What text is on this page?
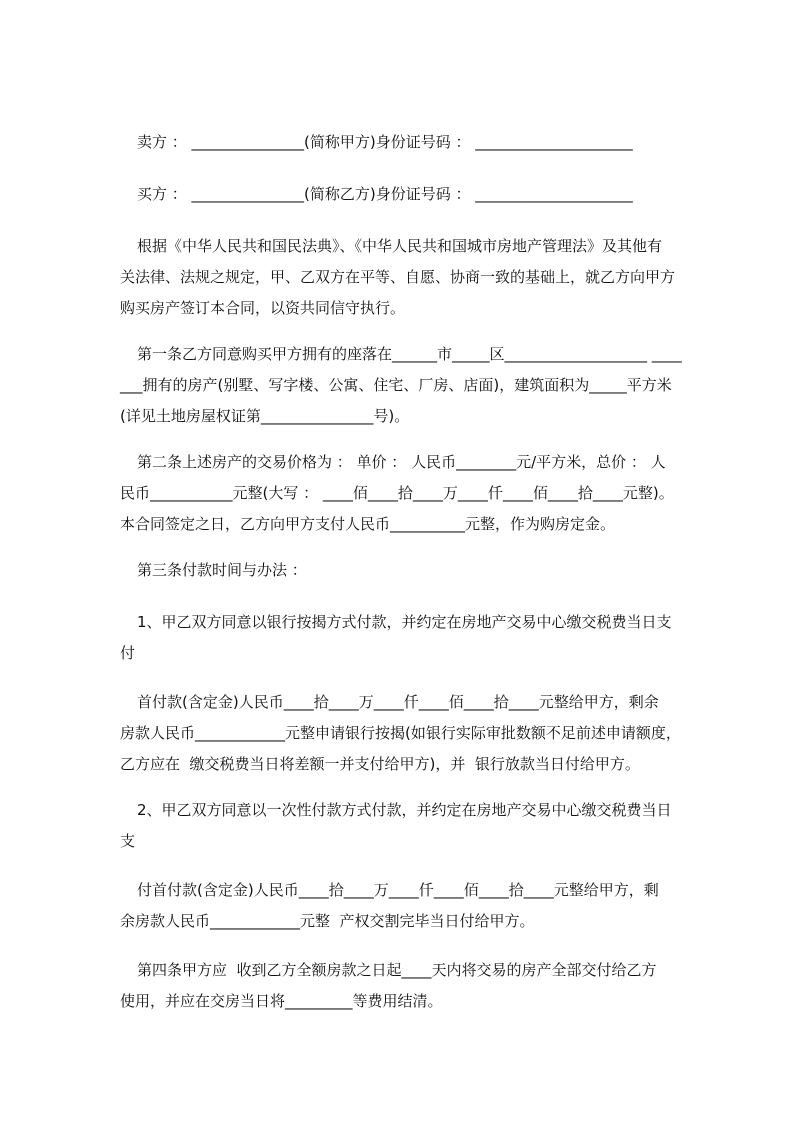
卖方 ： _______________(简称甲方)身份证号码 ： _____________________
买方 ： _______________(简称乙方)身份证号码 ： _____________________
根据《中华人民共和国民法典》、《中华人民共和国城市房地产管理法》及其他有
关法律、法规之规定，甲、乙双方在平等、自愿、协商一致的基础上，就乙方向甲方
购买房产签订本合同，以资共同信守执行。
第一条乙方同意购买甲方拥有的座落在______市_____区___________________ ____
___拥有的房产(别墅、写字楼、公寓、住宅、厂房、店面)，建筑面积为_____平方米
(详见土地房屋权证第_______________号)。
第二条上述房产的交易价格为 ： 单价 ： 人民币________元/平方米，总价 ： 人
民币___________元整(大写 ： ____佰____拾____万____仟____佰____拾____元整)。
本合同签定之日，乙方向甲方支付人民币__________元整，作为购房定金。
第三条付款时间与办法 ：
1、甲乙双方同意以银行按揭方式付款，并约定在房地产交易中心缴交税费当日支
付
首付款(含定金)人民币____拾____万____仟____佰____拾____元整给甲方，剩余
房款人民币____________元整申请银行按揭(如银行实际审批数额不足前述申请额度，
乙方应在  缴交税费当日将差额一并支付给甲方)，并  银行放款当日付给甲方。
2、甲乙双方同意以一次性付款方式付款，并约定在房地产交易中心缴交税费当日
支
付首付款(含定金)人民币____拾____万____仟____佰____拾____元整给甲方，剩
余房款人民币____________元整  产权交割完毕当日付给甲方。
第四条甲方应  收到乙方全额房款之日起____天内将交易的房产全部交付给乙方
使用，并应在交房当日将_________等费用结清。
